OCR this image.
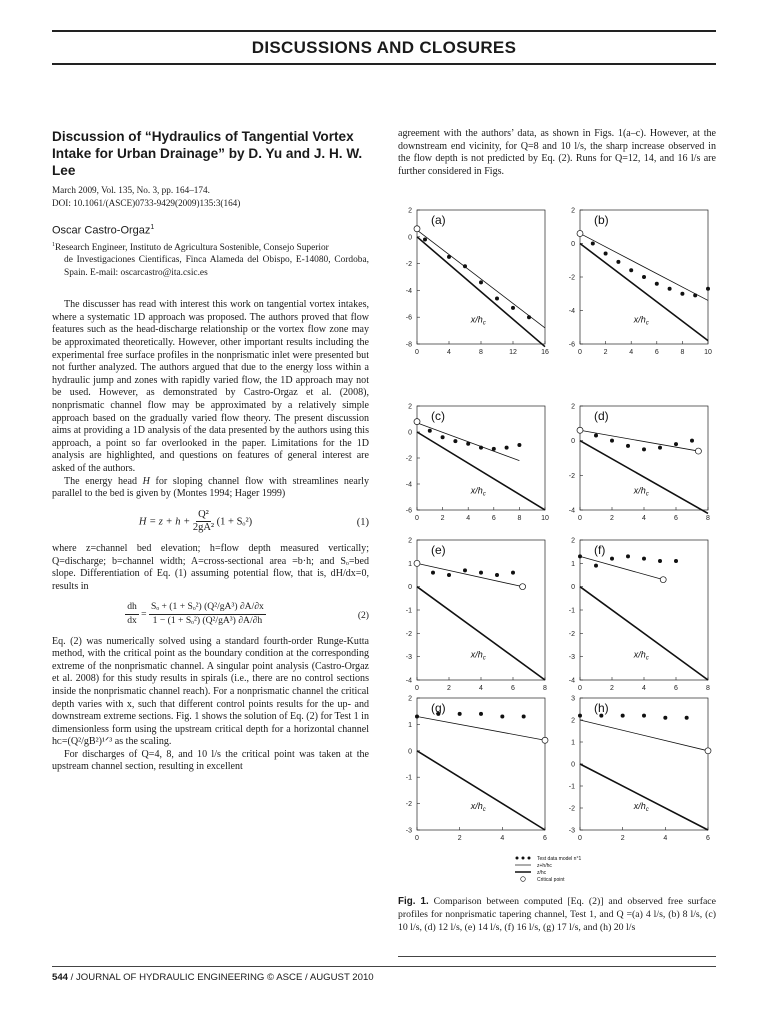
DISCUSSIONS AND CLOSURES
Discussion of “Hydraulics of Tangential Vortex Intake for Urban Drainage” by D. Yu and J. H. W. Lee
March 2009, Vol. 135, No. 3, pp. 164–174.
DOI: 10.1061/(ASCE)0733-9429(2009)135:3(164)
Oscar Castro-Orgaz$^1$
$^1$Research Engineer, Instituto de Agricultura Sostenible, Consejo Superior
de Investigaciones Cientificas, Finca Alameda del Obispo, E-14080, Cordoba, Spain. E-mail: oscarcastro@ita.csic.es
The discusser has read with interest this work on tangential vortex intakes, where a systematic 1D approach was proposed. The authors proved that flow features such as the head-discharge relationship or the vortex flow zone may be approximated theoretically. However, other important results including the experimental free surface profiles in the nonprismatic inlet were presented but not further analyzed. The authors argued that due to the energy loss within a hydraulic jump and zones with rapidly varied flow, the 1D approach may not be used. However, as demonstrated by Castro-Orgaz et al. (2008), nonprismatic channel flow may be approximated by a relatively simple approach based on the gradually varied flow theory. The present discussion aims at providing a 1D analysis of the data presented by the authors using this approach, a point so far overlooked in the paper. Limitations for the 1D analysis are highlighted, and questions on features of general interest are asked of the authors.
The energy head H for sloping channel flow with streamlines nearly parallel to the bed is given by (Montes 1994; Hager 1999)
$H = z + h + \frac{\text{Q²}}{\text{2gA²}} (1 + S_o^2)$	(1)
where z=channel bed elevation; h=flow depth measured vertically; Q=discharge; b=channel width; A=cross-sectional area =b·h; and Sₒ=bed slope. Differentiation of Eq. (1) assuming potential flow, that is, dH/dx=0, results in
$\frac{dh}{dx} = \frac{\text{Sₒ + (1 + Sₒ²) (Q²/gA³) ∂A/∂x}}{\text{1 − (1 + Sₒ²) (Q²/gA³) ∂A/∂h}}$	(2)
Eq. (2) was numerically solved using a standard fourth-order Runge-Kutta method, with the critical point as the boundary condition at the corresponding extreme of the nonprismatic channel. A singular point analysis (Castro-Orgaz et al. 2008) for this study results in spirals (i.e., there are no control sections inside the nonprismatic channel reach). For a nonprismatic channel the critical depth varies with x, such that different control points results for the up- and downstream extreme sections. Fig. 1 shows the solution of Eq. (2) for Test 1 in dimensionless form using the upstream critical depth for a horizontal channel hᴄ=(Q²/gB²)¹ᐟ³ as the scaling.
For discharges of Q=4, 8, and 10 l/s the critical point was taken at the upstream channel section, resulting in excellent
agreement with the authors’ data, as shown in Figs. 1(a–c). However, at the downstream end vicinity, for Q=8 and 10 l/s, the sharp increase observed in the flow depth is not predicted by Eq. (2). Runs for Q=12, 14, and 16 l/s are further considered in Figs.
0	4	8	12	16
2
0
-2
-4
-6
-8
(a)
$x/h_c$
0	2	4	6	8	10
2
0
-2
-4
-6
(b)
$x/h_c$
0	2	4	6	8	10
2
0
-2
-4
-6
(c)
$x/h_c$
0	2	4	6	8
2
0
-2
-4
(d)
$x/h_c$
0	2	4	6	8
2
1
0
-1
-2
-3
-4
(e)
$x/h_c$
0	2	4	6	8
2
1
0
-1
-2
-3
-4
(f)
$x/h_c$
0	2	4	6
2
1
0
-1
-2
-3
(g)
$x/h_c$
0	2	4	6
3
2
1
0
-1
-2
-3
(h)
$x/h_c$
Test data model n°1
z+h/hᴄ
z/hᴄ
Critical point
Fig. 1. Comparison between computed [Eq. (2)] and observed free surface profiles for nonprismatic tapering channel, Test 1, and Q =(a) 4 l/s, (b) 8 l/s, (c) 10 l/s, (d) 12 l/s, (e) 14 l/s, (f) 16 l/s, (g) 17 l/s, and (h) 20 l/s
544 / JOURNAL OF HYDRAULIC ENGINEERING © ASCE / AUGUST 2010
